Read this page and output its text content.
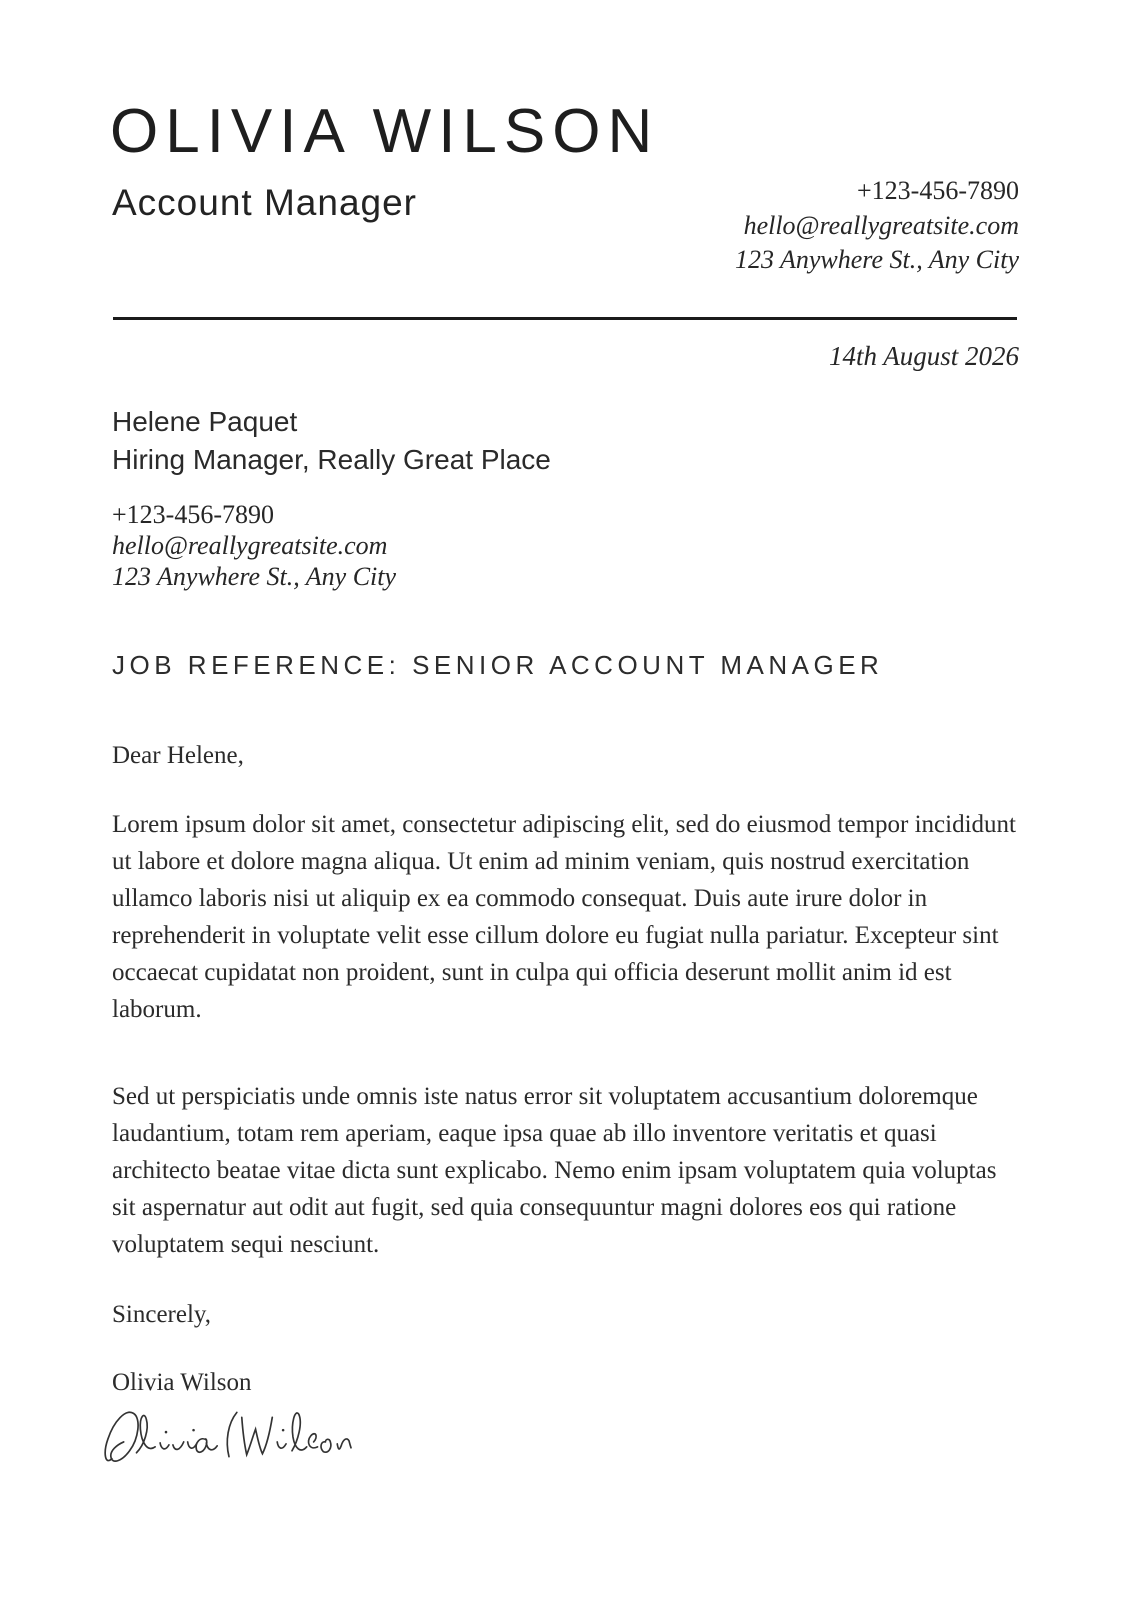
OLIVIA WILSON
Account Manager	+123-456-7890
hello@reallygreatsite.com
123 Anywhere St., Any City
14th August 2026
Helene Paquet
Hiring Manager, Really Great Place
+123-456-7890
hello@reallygreatsite.com
123 Anywhere St., Any City
JOB REFERENCE: SENIOR ACCOUNT MANAGER
Dear Helene,

Lorem ipsum dolor sit amet, consectetur adipiscing elit, sed do eiusmod tempor incididunt ut labore et dolore magna aliqua. Ut enim ad minim veniam, quis nostrud exercitation ullamco laboris nisi ut aliquip ex ea commodo consequat. Duis aute irure dolor in reprehenderit in voluptate velit esse cillum dolore eu fugiat nulla pariatur. Excepteur sint occaecat cupidatat non proident, sunt in culpa qui officia deserunt mollit anim id est laborum.

Sed ut perspiciatis unde omnis iste natus error sit voluptatem accusantium doloremque laudantium, totam rem aperiam, eaque ipsa quae ab illo inventore veritatis et quasi architecto beatae vitae dicta sunt explicabo. Nemo enim ipsam voluptatem quia voluptas sit aspernatur aut odit aut fugit, sed quia consequuntur magni dolores eos qui ratione voluptatem sequi nesciunt.

Sincerely,
Olivia Wilson
